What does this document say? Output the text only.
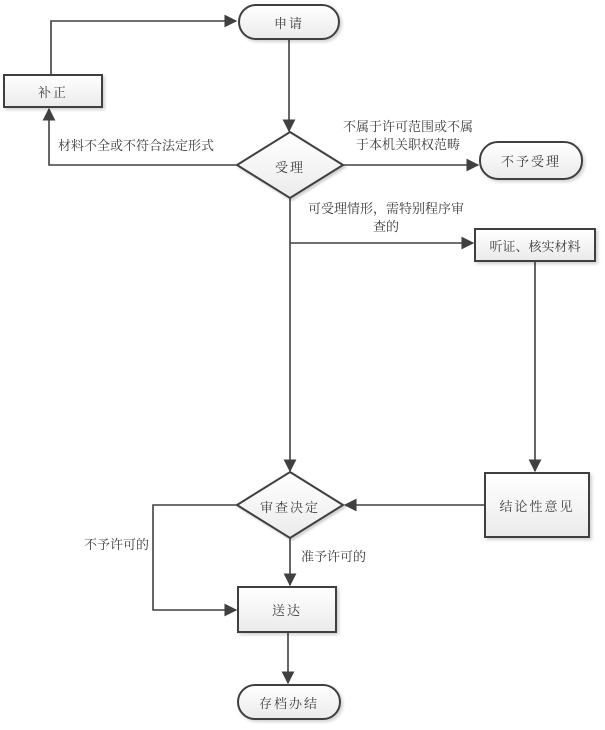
申请
补正
受理	不予受理
听证、核实材料
审查决定	结论性意见
送达
存档办结
材料不全或不符合法定形式
不属于许可范围或不属于本机关职权范畴
可受理情形，需特别程序审查的
不予许可的
准予许可的
